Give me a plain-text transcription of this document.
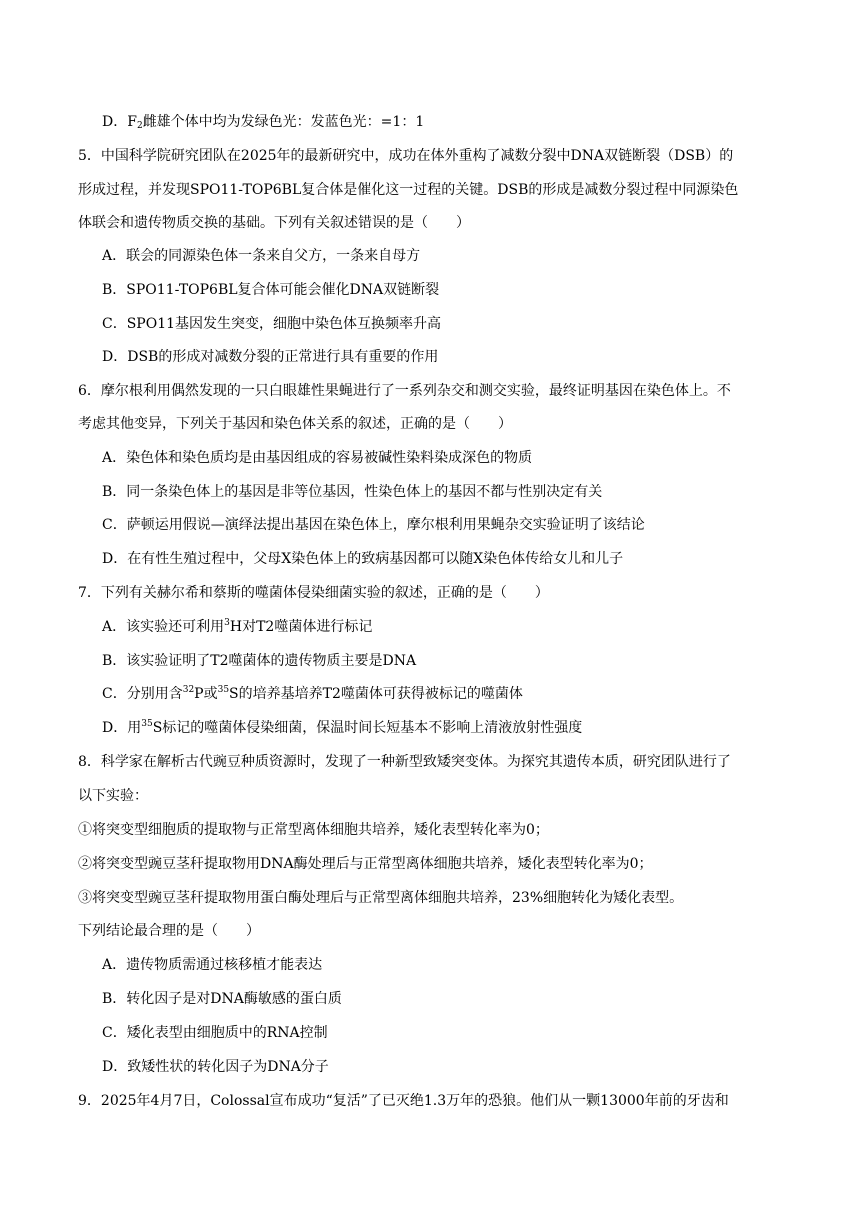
D．$F_2$雌雄个体中均为发绿色光：发蓝色光：=1：1
5．中国科学院研究团队在2025年的最新研究中，成功在体外重构了减数分裂中DNA双链断裂（DSB）的
形成过程，并发现SPO11-TOP6BL复合体是催化这一过程的关键。DSB的形成是减数分裂过程中同源染色
体联会和遗传物质交换的基础。下列有关叙述错误的是（　　）
A．联会的同源染色体一条来自父方，一条来自母方
B．SPO11-TOP6BL复合体可能会催化DNA双链断裂
C．SPO11基因发生突变，细胞中染色体互换频率升高
D．DSB的形成对减数分裂的正常进行具有重要的作用
6．摩尔根利用偶然发现的一只白眼雄性果蝇进行了一系列杂交和测交实验，最终证明基因在染色体上。不
考虑其他变异，下列关于基因和染色体关系的叙述，正确的是（　　）
A．染色体和染色质均是由基因组成的容易被碱性染料染成深色的物质
B．同一条染色体上的基因是非等位基因，性染色体上的基因不都与性别决定有关
C．萨顿运用假说—演绎法提出基因在染色体上，摩尔根利用果蝇杂交实验证明了该结论
D．在有性生殖过程中，父母X染色体上的致病基因都可以随X染色体传给女儿和儿子
7．下列有关赫尔希和蔡斯的噬菌体侵染细菌实验的叙述，正确的是（　　）
A．该实验还可利用$^3$H对T2噬菌体进行标记
B．该实验证明了T2噬菌体的遗传物质主要是DNA
C．分别用含$^{32}$P或$^{35}$S的培养基培养T2噬菌体可获得被标记的噬菌体
D．用$^{35}$S标记的噬菌体侵染细菌，保温时间长短基本不影响上清液放射性强度
8．科学家在解析古代豌豆种质资源时，发现了一种新型致矮突变体。为探究其遗传本质，研究团队进行了
以下实验：
①将突变型细胞质的提取物与正常型离体细胞共培养，矮化表型转化率为0；
②将突变型豌豆茎秆提取物用DNA酶处理后与正常型离体细胞共培养，矮化表型转化率为0；
③将突变型豌豆茎秆提取物用蛋白酶处理后与正常型离体细胞共培养，23%细胞转化为矮化表型。
下列结论最合理的是（　　）
A．遗传物质需通过核移植才能表达
B．转化因子是对DNA酶敏感的蛋白质
C．矮化表型由细胞质中的RNA控制
D．致矮性状的转化因子为DNA分子
9．2025年4月7日，Colossal宣布成功“复活”了已灭绝1.3万年的恐狼。他们从一颗13000年前的牙齿和
